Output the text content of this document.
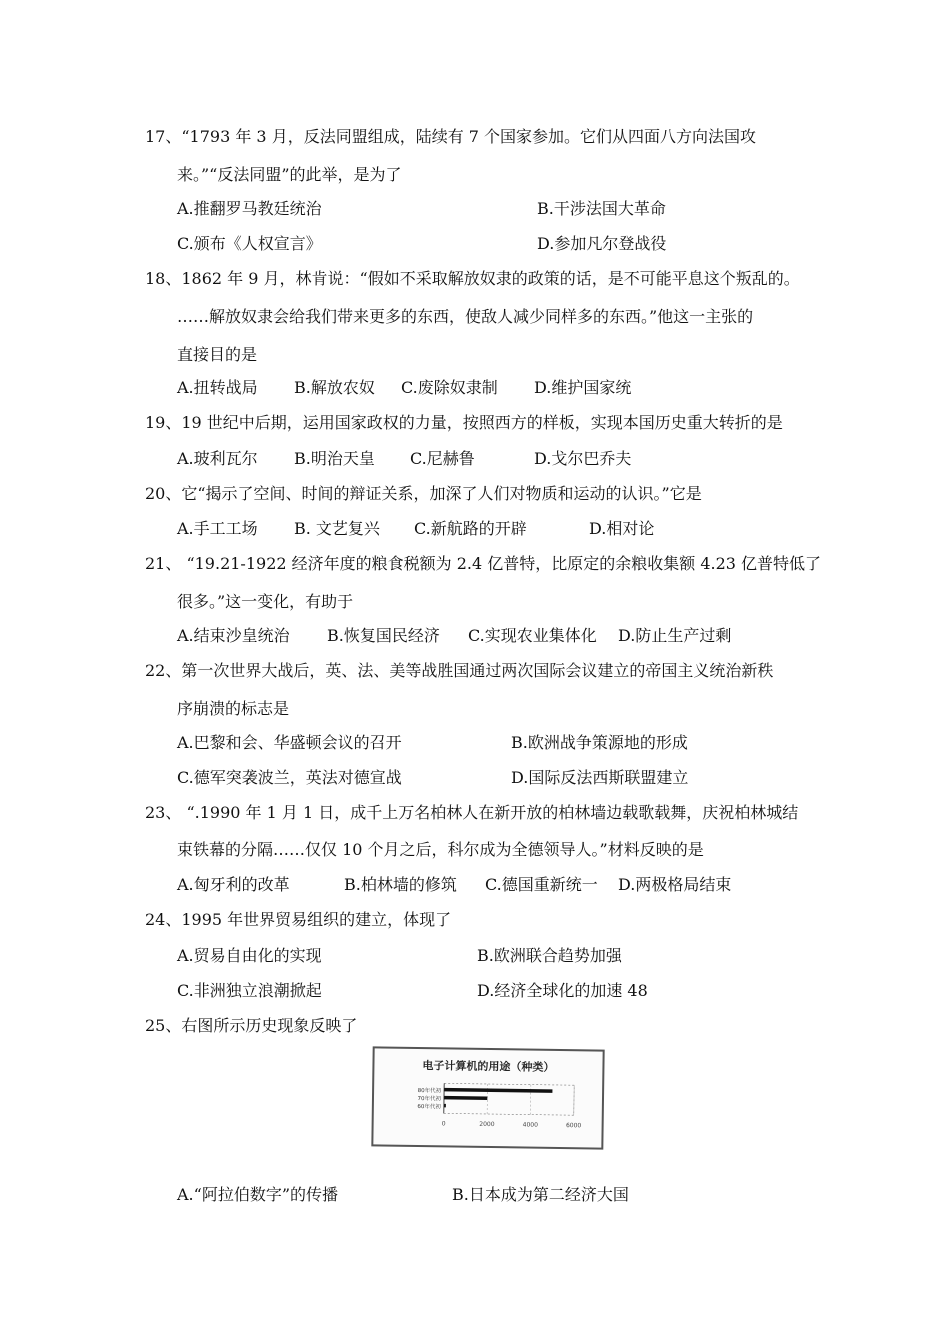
17、“1793 年 3 月，反法同盟组成，陆续有 7 个国家参加。它们从四面八方向法国攻
来。”“反法同盟”的此举，是为了
A.推翻罗马教廷统治	B.干涉法国大革命
C.颁布《人权宣言》	D.参加凡尔登战役
18、1862 年 9 月，林肯说：“假如不采取解放奴隶的政策的话，是不可能平息这个叛乱的。
……解放奴隶会给我们带来更多的东西，使敌人减少同样多的东西。”他这一主张的
直接目的是
A.扭转战局 B.解放农奴 C.废除奴隶制 D.维护国家统
19、19 世纪中后期，运用国家政权的力量，按照西方的样板，实现本国历史重大转折的是
A.玻利瓦尔 B.明治天皇 C.尼赫鲁	D.戈尔巴乔夫
20、它“揭示了空间、时间的辩证关系，加深了人们对物质和运动的认识。”它是
A.手工工场 B. 文艺复兴 C.新航路的开辟	D.相对论
21、 “19.21-1922 经济年度的粮食税额为 2.4 亿普特，比原定的余粮收集额 4.23 亿普特低了
很多。”这一变化，有助于
A.结束沙皇统治 B.恢复国民经济 C.实现农业集体化 D.防止生产过剩
22、第一次世界大战后，英、法、美等战胜国通过两次国际会议建立的帝国主义统治新秩
序崩溃的标志是
A.巴黎和会、华盛顿会议的召开	B.欧洲战争策源地的形成
C.德军突袭波兰，英法对德宣战	D.国际反法西斯联盟建立
23、 “.1990 年 1 月 1 日，成千上万名柏林人在新开放的柏林墙边载歌载舞，庆祝柏林城结
束铁幕的分隔……仅仅 10 个月之后，科尔成为全德领导人。”材料反映的是
A.匈牙利的改革	B.柏林墙的修筑 C.德国重新统一 D.两极格局结束
24、1995 年世界贸易组织的建立，体现了
A.贸易自由化的实现	B.欧洲联合趋势加强
C.非洲独立浪潮掀起	D.经济全球化的加速 48
25、右图所示历史现象反映了
电子计算机的用途（种类）
0	2000	4000	6000
80年代初
70年代初
60年代初
A.“阿拉伯数字”的传播	B.日本成为第二经济大国
